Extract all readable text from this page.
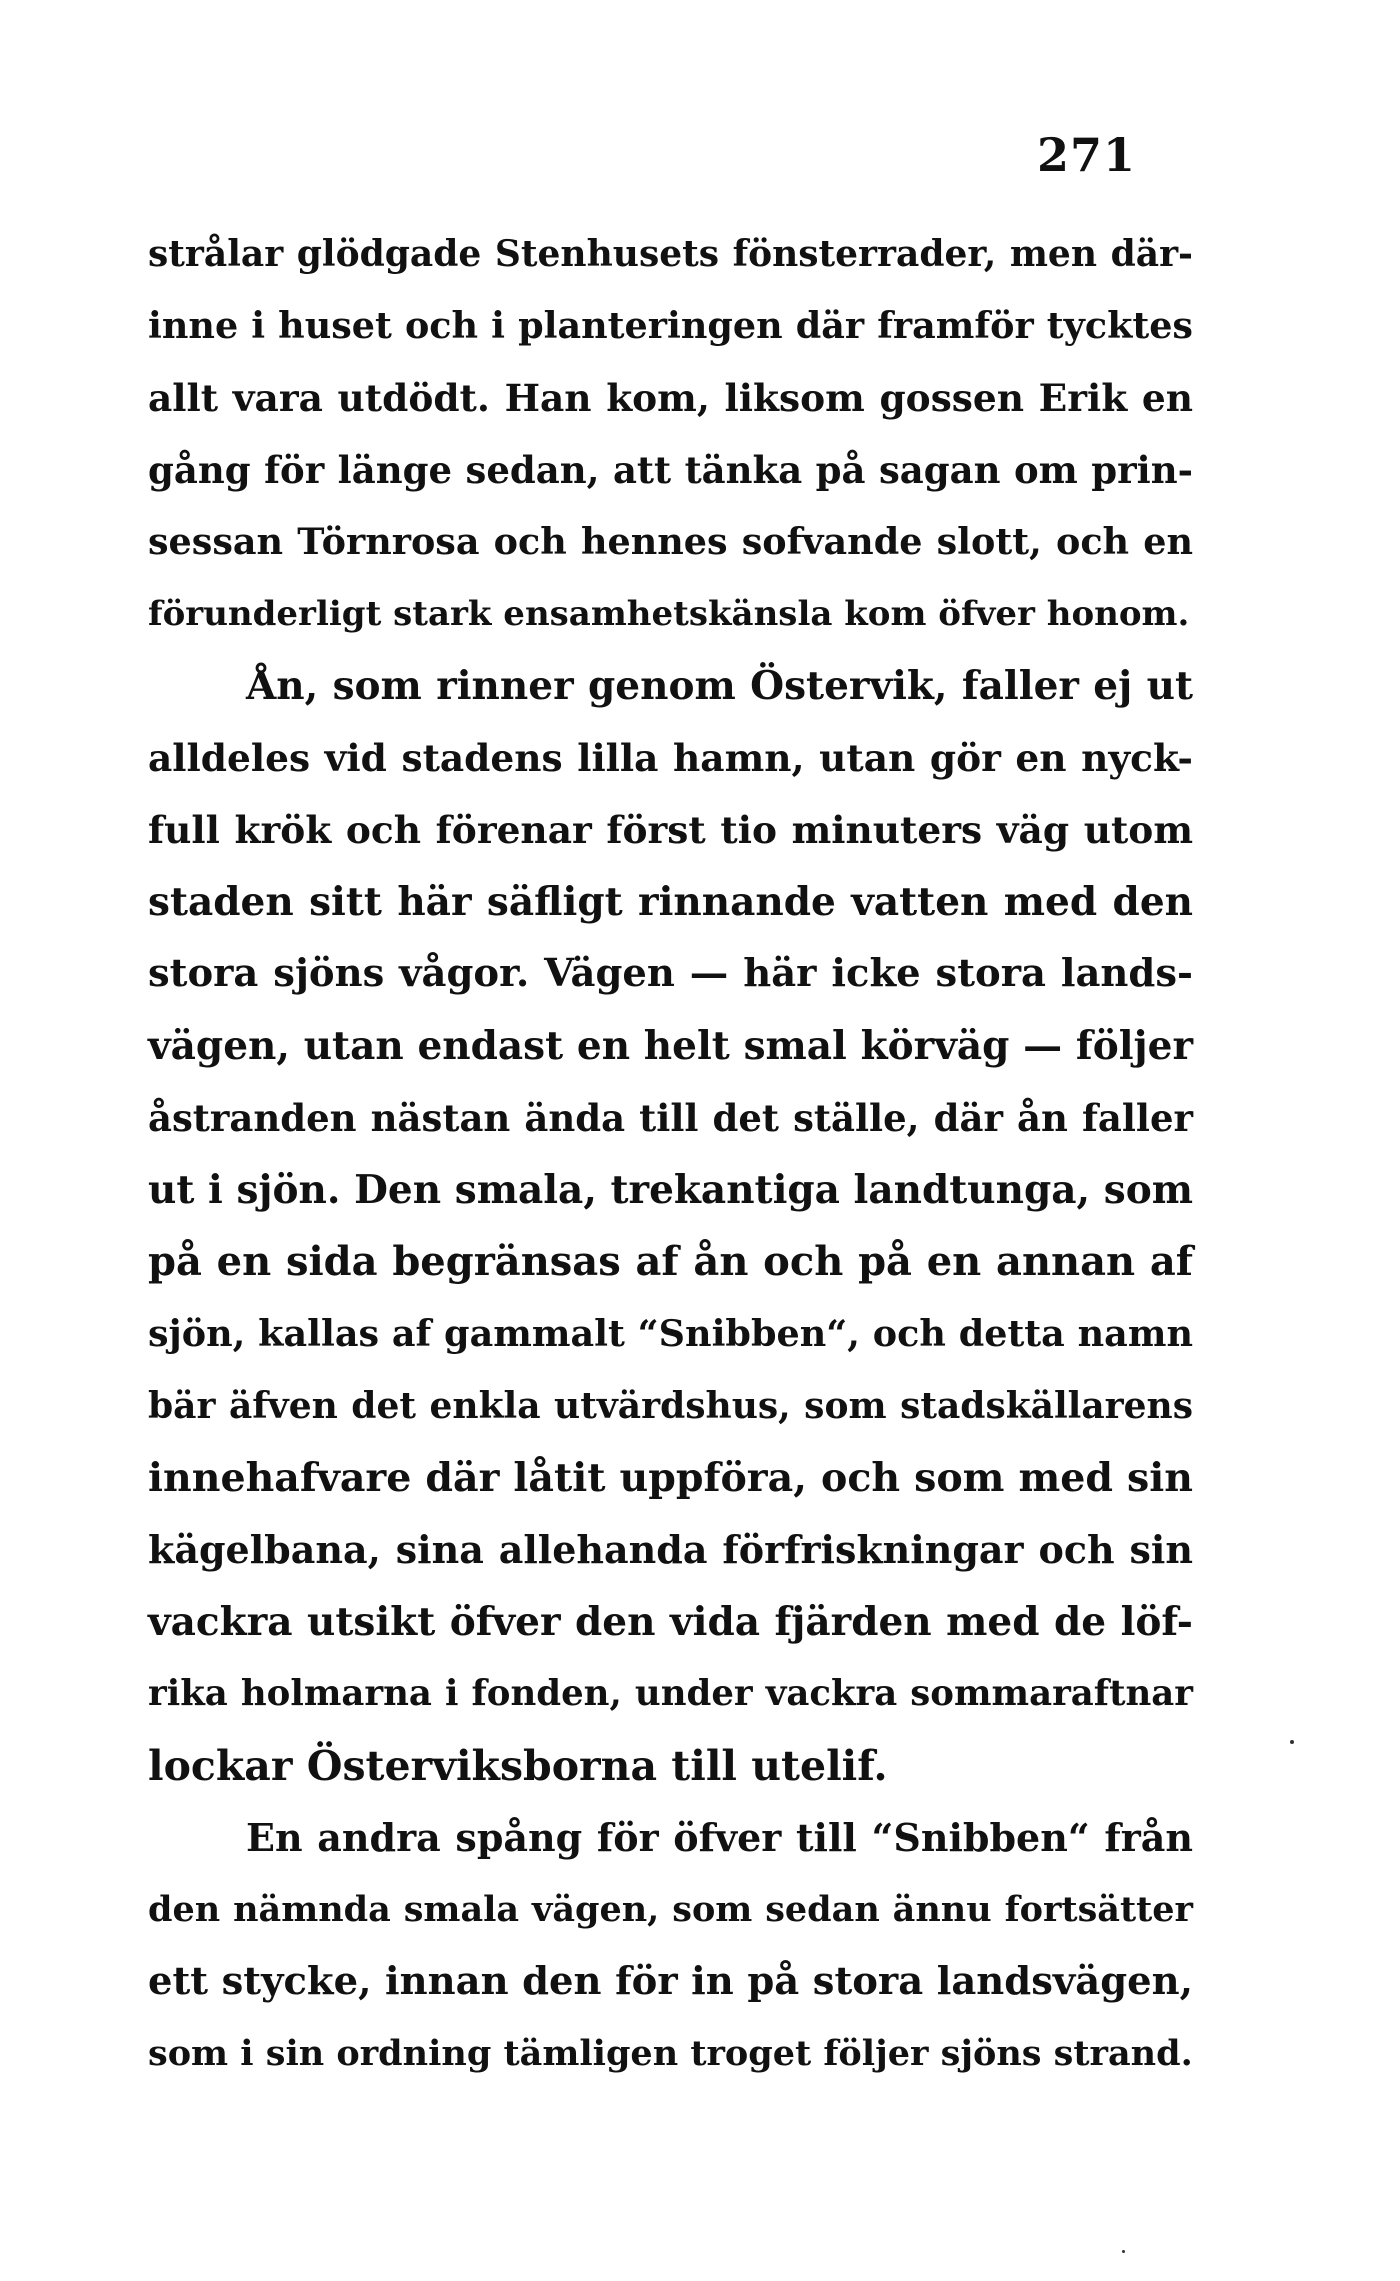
271
strålar glödgade Stenhusets fönsterrader, men där-
inne i huset och i planteringen där framför tycktes
allt vara utdödt. Han kom, liksom gossen Erik en
gång för länge sedan, att tänka på sagan om prin-
sessan Törnrosa och hennes sofvande slott, och en
förunderligt stark ensamhetskänsla kom öfver honom.
Ån, som rinner genom Östervik, faller ej ut
alldeles vid stadens lilla hamn, utan gör en nyck-
full krök och förenar först tio minuters väg utom
staden sitt här säfligt rinnande vatten med den
stora sjöns vågor. Vägen — här icke stora lands-
vägen, utan endast en helt smal körväg — följer
åstranden nästan ända till det ställe, där ån faller
ut i sjön. Den smala, trekantiga landtunga, som
på en sida begränsas af ån och på en annan af
sjön, kallas af gammalt “Snibben“, och detta namn
bär äfven det enkla utvärdshus, som stadskällarens
innehafvare där låtit uppföra, och som med sin
kägelbana, sina allehanda förfriskningar och sin
vackra utsikt öfver den vida fjärden med de löf-
rika holmarna i fonden, under vackra sommaraftnar
lockar Österviksborna till utelif.
En andra spång för öfver till “Snibben“ från
den nämnda smala vägen, som sedan ännu fortsätter
ett stycke, innan den för in på stora landsvägen,
som i sin ordning tämligen troget följer sjöns strand.
